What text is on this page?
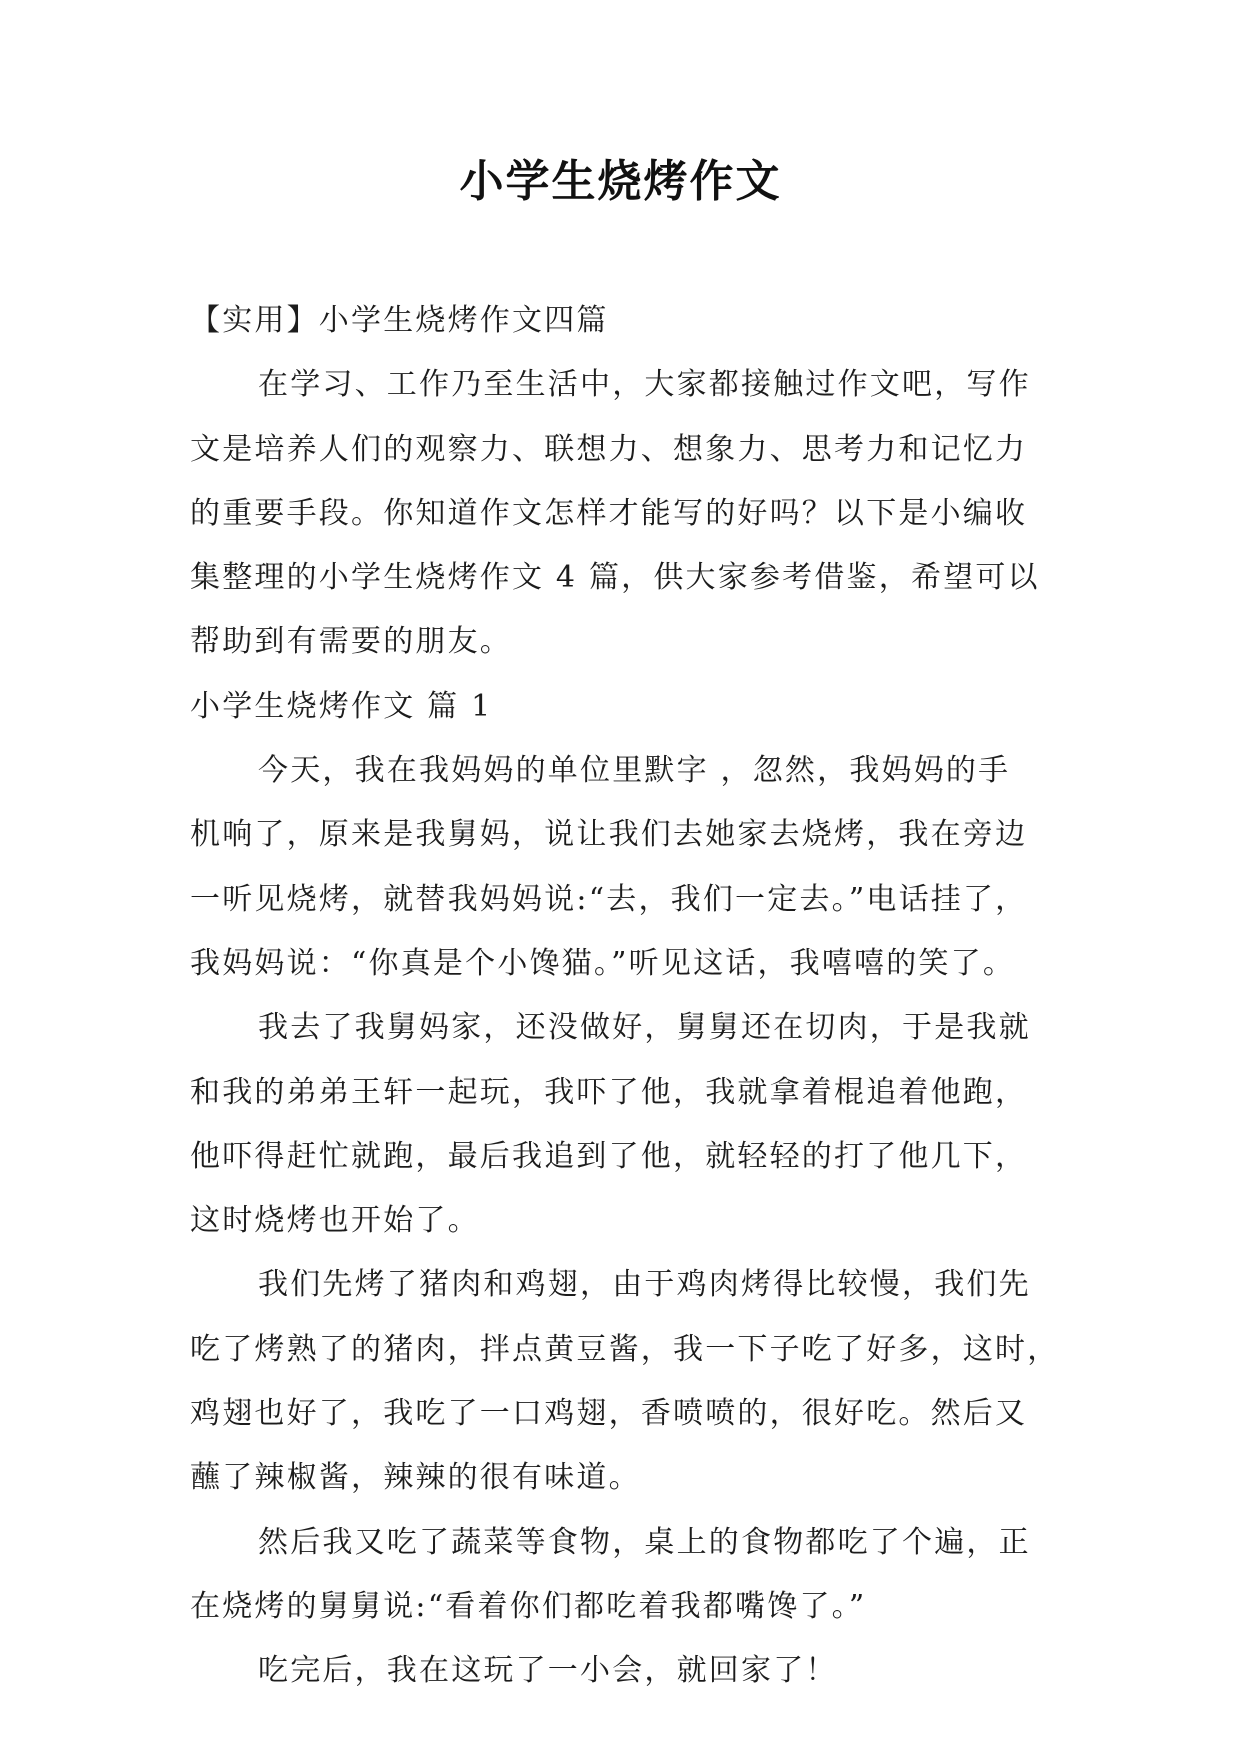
小学生烧烤作文
【实用】小学生烧烤作文四篇
在学习、工作乃至生活中，大家都接触过作文吧，写作
文是培养人们的观察力、联想力、想象力、思考力和记忆力
的重要手段。你知道作文怎样才能写的好吗？以下是小编收
集整理的小学生烧烤作文 4 篇，供大家参考借鉴，希望可以
帮助到有需要的朋友。
小学生烧烤作文 篇 1
今天，我在我妈妈的单位里默字 ，忽然，我妈妈的手
机响了，原来是我舅妈，说让我们去她家去烧烤，我在旁边
一听见烧烤，就替我妈妈说:“去，我们一定去。”电话挂了，
我妈妈说：“你真是个小馋猫。”听见这话，我嘻嘻的笑了。
我去了我舅妈家，还没做好，舅舅还在切肉，于是我就
和我的弟弟王轩一起玩，我吓了他，我就拿着棍追着他跑，
他吓得赶忙就跑，最后我追到了他，就轻轻的打了他几下，
这时烧烤也开始了。
我们先烤了猪肉和鸡翅，由于鸡肉烤得比较慢，我们先
吃了烤熟了的猪肉，拌点黄豆酱，我一下子吃了好多，这时，
鸡翅也好了，我吃了一口鸡翅，香喷喷的，很好吃。然后又
蘸了辣椒酱，辣辣的很有味道。
然后我又吃了蔬菜等食物，桌上的食物都吃了个遍，正
在烧烤的舅舅说:“看着你们都吃着我都嘴馋了。”
吃完后，我在这玩了一小会，就回家了！
